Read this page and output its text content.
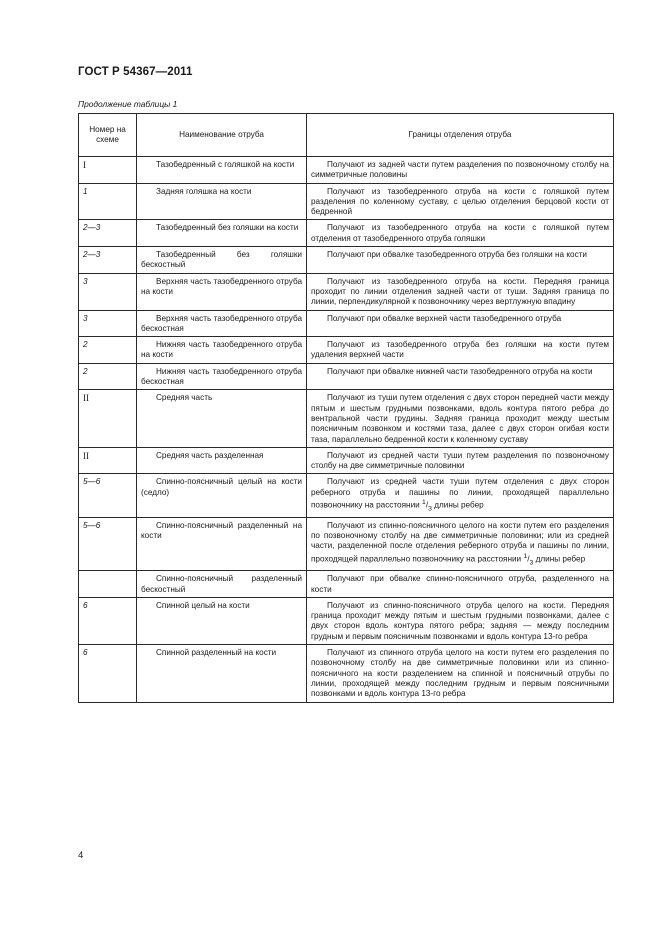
ГОСТ Р 54367—2011
Продолжение таблицы 1
Номер на схеме	Наименование отруба	Границы отделения отруба
I	Тазобедренный с голяшкой на кости	Получают из задней части путем разделения по позвоночному столбу на симметричные половины
1	Задняя голяшка на кости	Получают из тазобедренного отруба на кости с голяшкой путем разделения по коленному суставу, с целью отделения берцовой кости от бедренной
2—3	Тазобедренный без голяшки на кости	Получают из тазобедренного отруба на кости с голяшкой путем отделения от тазобедренного отруба голяшки
2—3	Тазобедренный без голяшки бескостный	Получают при обвалке тазобедренного отруба без голяшки на кости
3	Верхняя часть тазобедренного отруба на кости	Получают из тазобедренного отруба на кости. Передняя граница проходит по линии отделения задней части от туши. Задняя граница по линии, перпендикулярной к позвоночнику через вертлужную впадину
3	Верхняя часть тазобедренного отруба бескостная	Получают при обвалке верхней части тазобедренного отруба
2	Нижняя часть тазобедренного отруба на кости	Получают из тазобедренного отруба без голяшки на кости путем удаления верхней части
2	Нижняя часть тазобедренного отруба бескостная	Получают при обвалке нижней части тазобедренного отруба на кости
II	Средняя часть	Получают из туши путем отделения с двух сторон передней части между пятым и шестым грудными позвонками, вдоль контура пятого ребра до вентральной части грудины. Задняя граница проходит между шестым поясничным позвонком и костями таза, далее с двух сторон огибая кости таза, параллельно бедренной кости к коленному суставу
II	Средняя часть разделенная	Получают из средней части туши путем разделения по позвоночному столбу на две симметричные половинки
5—6	Спинно-поясничный целый на кости (седло)	Получают из средней части туши путем отделения с двух сторон реберного отруба и пашины по линии, проходящей параллельно позвоночнику на расстоянии $^1/_3$ длины ребер
5—6	Спинно-поясничный разделенный на кости	Получают из спинно-поясничного целого на кости путем его разделения по позвоночному столбу на две симметричные половинки; или из средней части, разделенной после отделения реберного отруба и пашины по линии, проходящей параллельно позвоночнику на расстоянии $^1/_3$ длины ребер
	Спинно-поясничный разделенный бескостный	Получают при обвалке спинно-поясничного отруба, разделенного на кости
6	Спинной целый на кости	Получают из спинно-поясничного отруба целого на кости. Передняя граница проходит между пятым и шестым грудными позвонками, далее с двух сторон вдоль контура пятого ребра; задняя — между последним грудным и первым поясничным позвонками и вдоль контура 13-го ребра
6	Спинной разделенный на кости	Получают из спинного отруба целого на кости путем его разделения по позвоночному столбу на две симметричные половинки или из спинно-поясничного на кости разделением на спинной и поясничный отрубы по линии, проходящей между последним грудным и первым поясничными позвонками и вдоль контура 13-го ребра
4
